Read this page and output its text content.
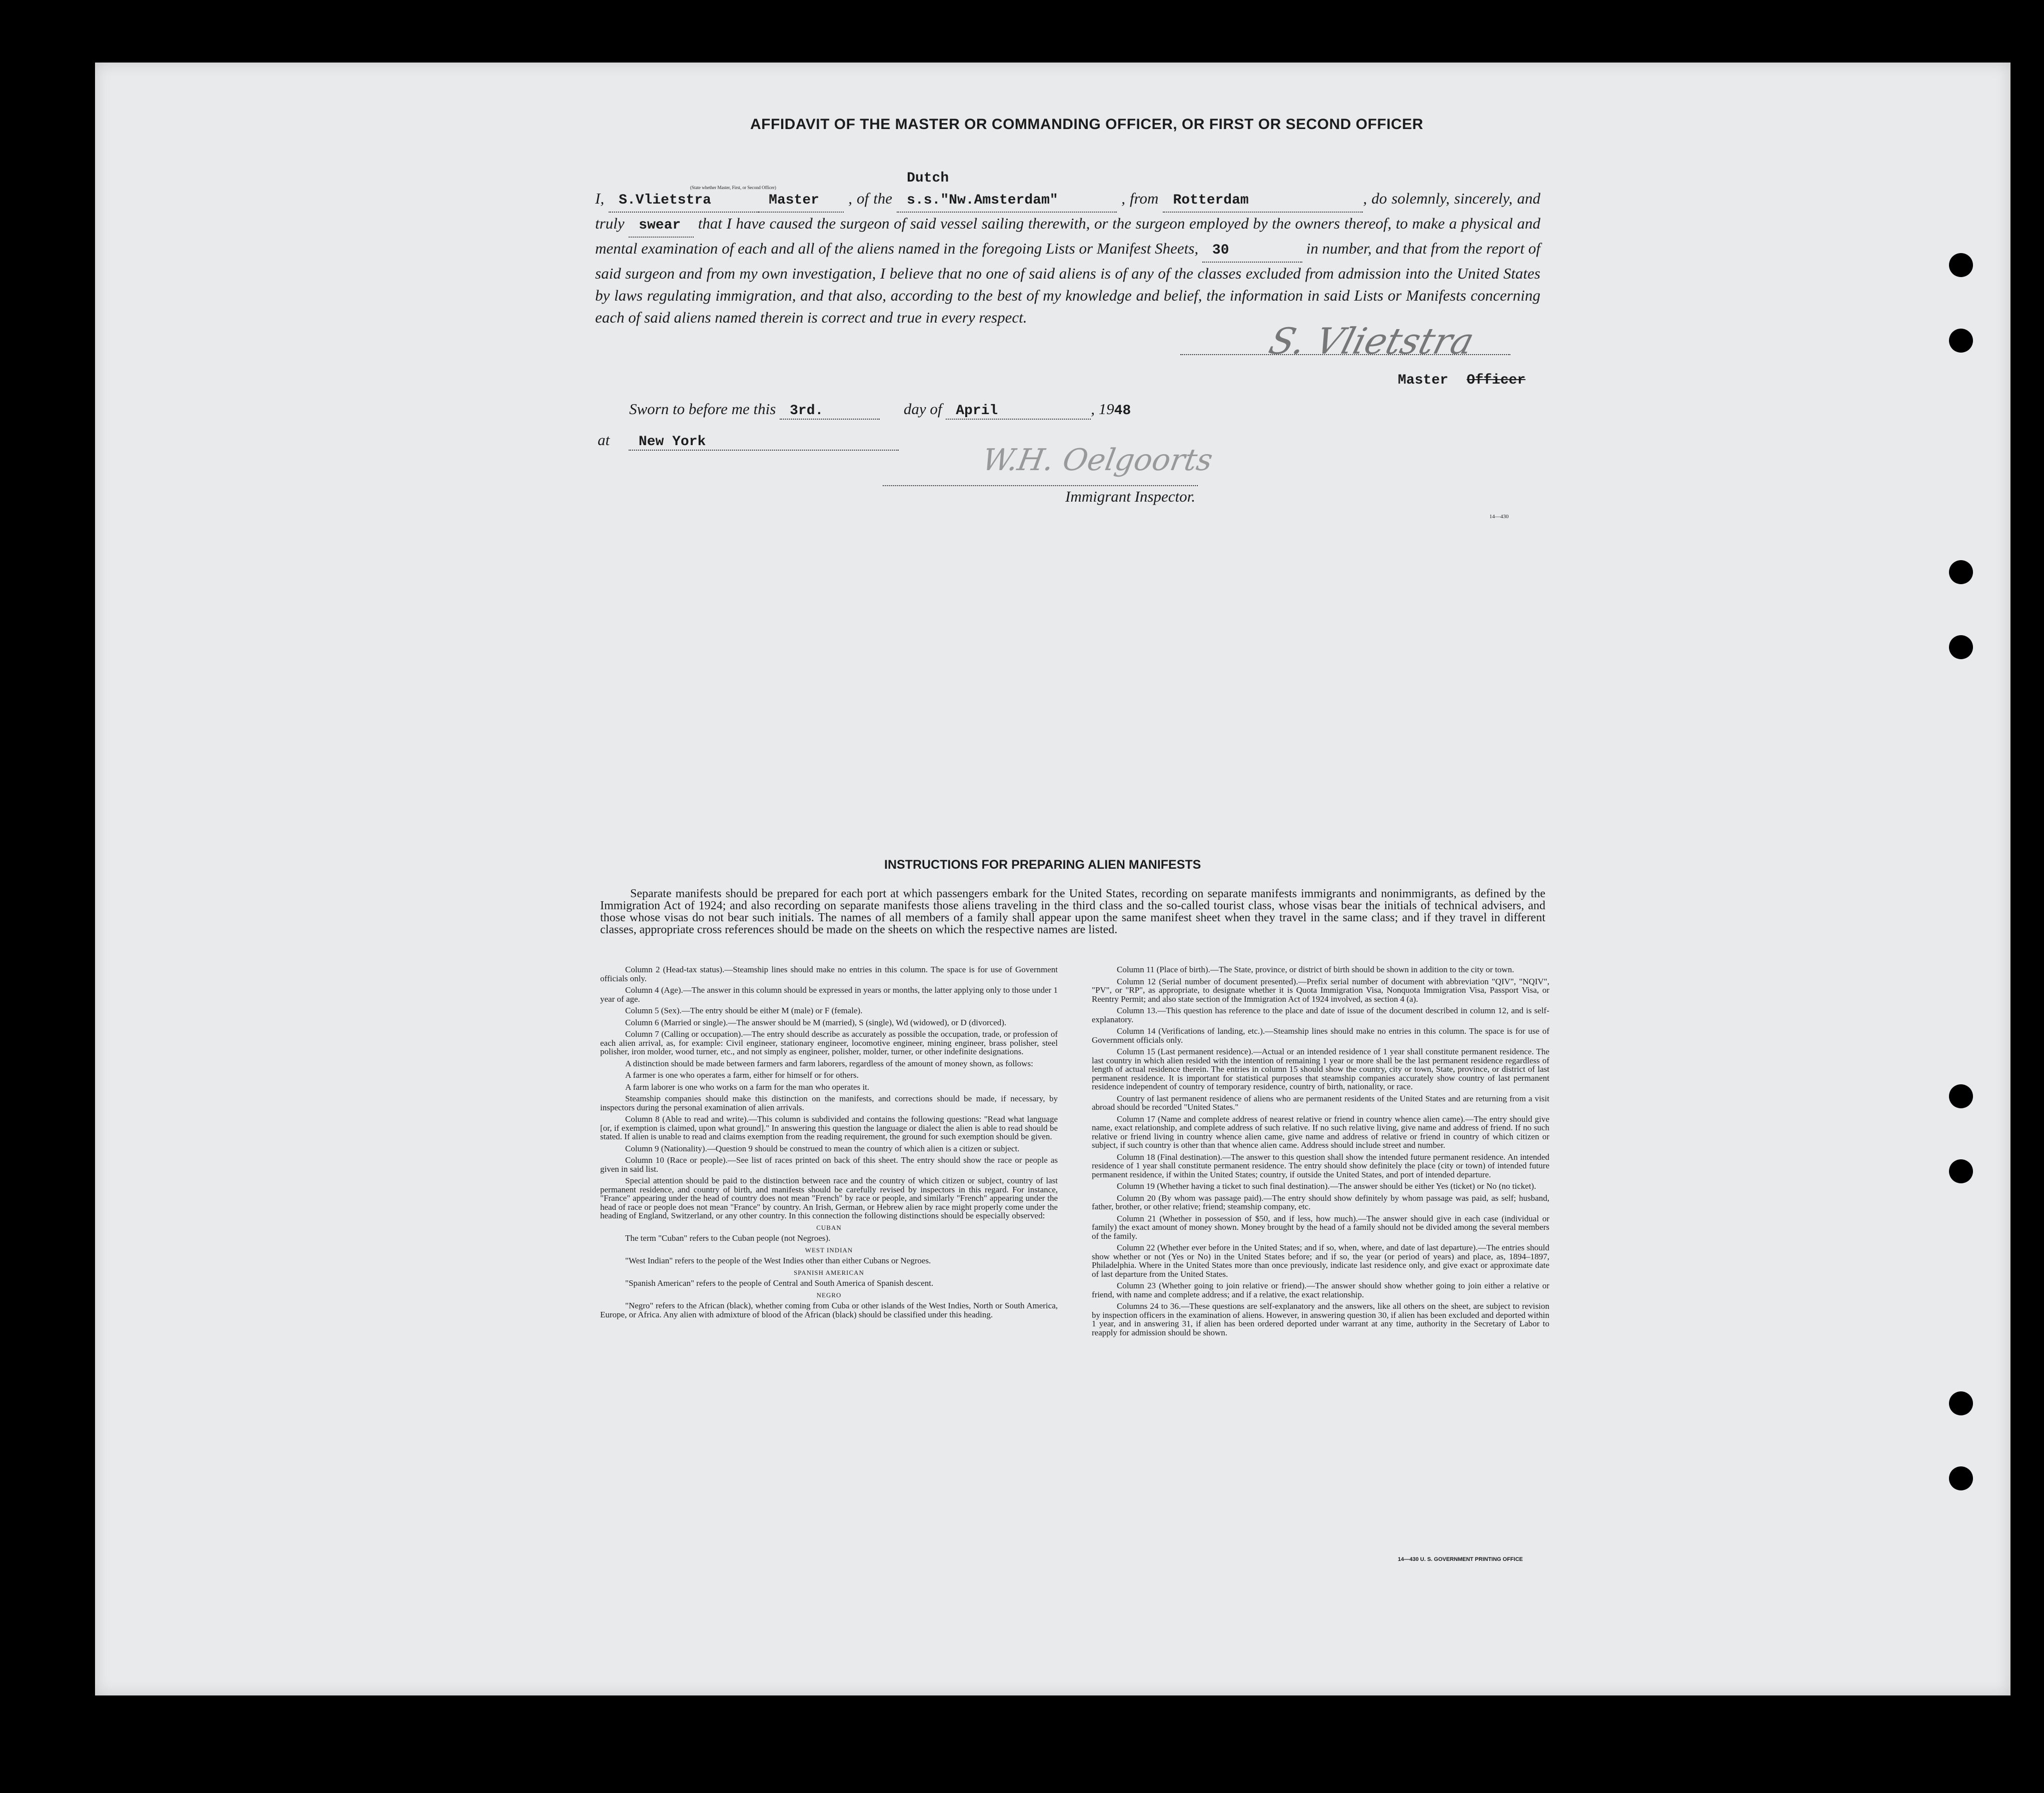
AFFIDAVIT OF THE MASTER OR COMMANDING OFFICER, OR FIRST OR SECOND OFFICER
I, S.Vlietstra	Master , of the Dutch s.s."Nw.Amsterdam"	, from Rotterdam	, do solemnly, sincerely, and truly swear that I have caused the surgeon of said vessel sailing therewith, or the surgeon employed by the owners thereof, to make a physical and mental examination of each and all of the aliens named in the foregoing Lists or Manifest Sheets, 30	in number, and that from the report of said surgeon and from my own investigation, I believe that no one of said aliens is of any of the classes excluded from admission into the United States by laws regulating immigration, and that also, according to the best of my knowledge and belief, the information in said Lists or Manifests concerning each of said aliens named therein is correct and true in every respect.
(State whether Master, First, or Second Officer)
S. Vlietstra
Master Officer
Sworn to before me this 3rd.	day of April	, 1948
at New York
W.H. Oelgoorts
Immigrant Inspector.
14—430
INSTRUCTIONS FOR PREPARING ALIEN MANIFESTS
Separate manifests should be prepared for each port at which passengers embark for the United States, recording on separate manifests immigrants and nonimmigrants, as defined by the Immigration Act of 1924; and also recording on separate manifests those aliens traveling in the third class and the so-called tourist class, whose visas bear the initials of technical advisers, and those whose visas do not bear such initials. The names of all members of a family shall appear upon the same manifest sheet when they travel in the same class; and if they travel in different classes, appropriate cross references should be made on the sheets on which the respective names are listed.

Column 2 (Head-tax status).—Steamship lines should make no entries in this column. The space is for use of Government officials only.

Column 4 (Age).—The answer in this column should be expressed in years or months, the latter applying only to those under 1 year of age.

Column 5 (Sex).—The entry should be either M (male) or F (female).

Column 6 (Married or single).—The answer should be M (married), S (single), Wd (widowed), or D (divorced).

Column 7 (Calling or occupation).—The entry should describe as accurately as possible the occupation, trade, or profession of each alien arrival, as, for example: Civil engineer, stationary engineer, locomotive engineer, mining engineer, brass polisher, steel polisher, iron molder, wood turner, etc., and not simply as engineer, polisher, molder, turner, or other indefinite designations.

A distinction should be made between farmers and farm laborers, regardless of the amount of money shown, as follows:

A farmer is one who operates a farm, either for himself or for others.

A farm laborer is one who works on a farm for the man who operates it.

Steamship companies should make this distinction on the manifests, and corrections should be made, if necessary, by inspectors during the personal examination of alien arrivals.

Column 8 (Able to read and write).—This column is subdivided and contains the following questions: "Read what language [or, if exemption is claimed, upon what ground]." In answering this question the language or dialect the alien is able to read should be stated. If alien is unable to read and claims exemption from the reading requirement, the ground for such exemption should be given.

Column 9 (Nationality).—Question 9 should be construed to mean the country of which alien is a citizen or subject.

Column 10 (Race or people).—See list of races printed on back of this sheet. The entry should show the race or people as given in said list.

Special attention should be paid to the distinction between race and the country of which citizen or subject, country of last permanent residence, and country of birth, and manifests should be carefully revised by inspectors in this regard. For instance, "France" appearing under the head of country does not mean "French" by race or people, and similarly "French" appearing under the head of race or people does not mean "France" by country. An Irish, German, or Hebrew alien by race might properly come under the heading of England, Switzerland, or any other country. In this connection the following distinctions should be especially observed:

CUBAN

The term "Cuban" refers to the Cuban people (not Negroes).

WEST INDIAN

"West Indian" refers to the people of the West Indies other than either Cubans or Negroes.

SPANISH AMERICAN

"Spanish American" refers to the people of Central and South America of Spanish descent.

NEGRO

"Negro" refers to the African (black), whether coming from Cuba or other islands of the West Indies, North or South America, Europe, or Africa. Any alien with admixture of blood of the African (black) should be classified under this heading.

Column 11 (Place of birth).—The State, province, or district of birth should be shown in addition to the city or town.

Column 12 (Serial number of document presented).—Prefix serial number of document with abbreviation "QIV", "NQIV", "PV", or "RP", as appropriate, to designate whether it is Quota Immigration Visa, Nonquota Immigration Visa, Passport Visa, or Reentry Permit; and also state section of the Immigration Act of 1924 involved, as section 4 (a).

Column 13.—This question has reference to the place and date of issue of the document described in column 12, and is self-explanatory.

Column 14 (Verifications of landing, etc.).—Steamship lines should make no entries in this column. The space is for use of Government officials only.

Column 15 (Last permanent residence).—Actual or an intended residence of 1 year shall constitute permanent residence. The last country in which alien resided with the intention of remaining 1 year or more shall be the last permanent residence regardless of length of actual residence therein. The entries in column 15 should show the country, city or town, State, province, or district of last permanent residence. It is important for statistical purposes that steamship companies accurately show country of last permanent residence independent of country of temporary residence, country of birth, nationality, or race.

Country of last permanent residence of aliens who are permanent residents of the United States and are returning from a visit abroad should be recorded "United States."

Column 17 (Name and complete address of nearest relative or friend in country whence alien came).—The entry should give name, exact relationship, and complete address of such relative. If no such relative living, give name and address of friend. If no such relative or friend living in country whence alien came, give name and address of relative or friend in country of which citizen or subject, if such country is other than that whence alien came. Address should include street and number.

Column 18 (Final destination).—The answer to this question shall show the intended future permanent residence. An intended residence of 1 year shall constitute permanent residence. The entry should show definitely the place (city or town) of intended future permanent residence, if within the United States; country, if outside the United States, and port of intended departure.

Column 19 (Whether having a ticket to such final destination).—The answer should be either Yes (ticket) or No (no ticket).

Column 20 (By whom was passage paid).—The entry should show definitely by whom passage was paid, as self; husband, father, brother, or other relative; friend; steamship company, etc.

Column 21 (Whether in possession of $50, and if less, how much).—The answer should give in each case (individual or family) the exact amount of money shown. Money brought by the head of a family should not be divided among the several members of the family.

Column 22 (Whether ever before in the United States; and if so, when, where, and date of last departure).—The entries should show whether or not (Yes or No) in the United States before; and if so, the year (or period of years) and place, as, 1894–1897, Philadelphia. Where in the United States more than once previously, indicate last residence only, and give exact or approximate date of last departure from the United States.

Column 23 (Whether going to join relative or friend).—The answer should show whether going to join either a relative or friend, with name and complete address; and if a relative, the exact relationship.

Columns 24 to 36.—These questions are self-explanatory and the answers, like all others on the sheet, are subject to revision by inspection officers in the examination of aliens. However, in answering question 30, if alien has been excluded and deported within 1 year, and in answering 31, if alien has been ordered deported under warrant at any time, authority in the Secretary of Labor to reapply for admission should be shown.

14—430 U. S. GOVERNMENT PRINTING OFFICE
